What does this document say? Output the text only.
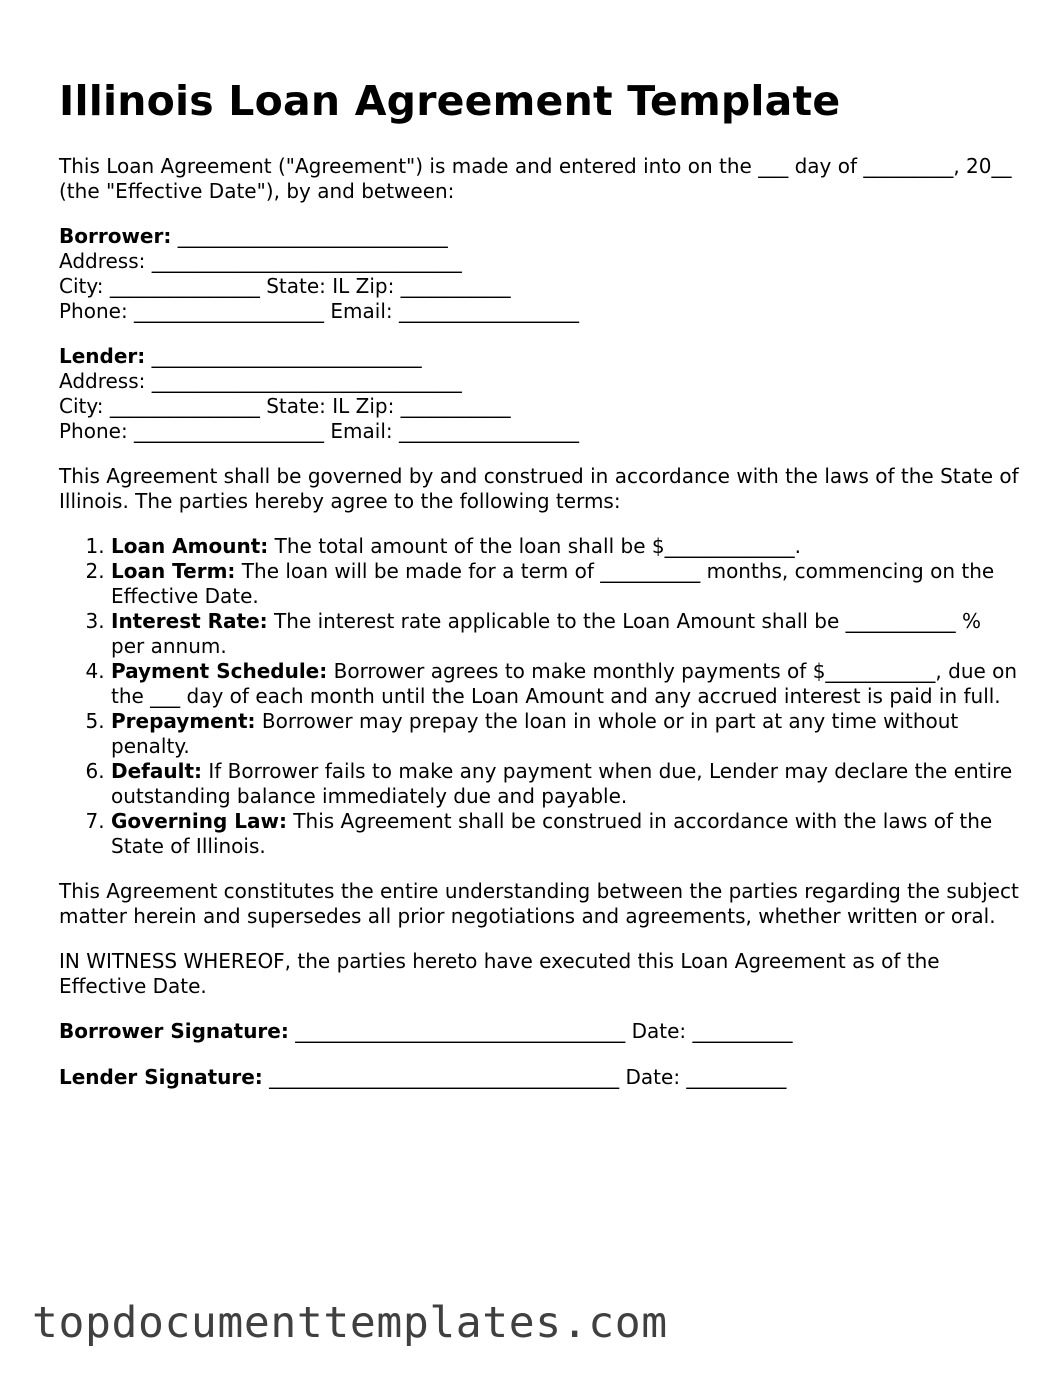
Illinois Loan Agreement Template

This Loan Agreement ("Agreement") is made and entered into on the ___ day of _________, 20__ (the "Effective Date"), by and between:

Borrower: ___________________________
Address: _______________________________
City: _______________ State: IL Zip: ___________
Phone: ___________________ Email: __________________
Lender: ___________________________
Address: _______________________________
City: _______________ State: IL Zip: ___________
Phone: ___________________ Email: __________________

This Agreement shall be governed by and construed in accordance with the laws of the State of Illinois. The parties hereby agree to the following terms:

1. Loan Amount: The total amount of the loan shall be $_____________.
2. Loan Term: The loan will be made for a term of __________ months, commencing on the Effective Date.
3. Interest Rate: The interest rate applicable to the Loan Amount shall be ___________ % per annum.
4. Payment Schedule: Borrower agrees to make monthly payments of $___________, due on the ___ day of each month until the Loan Amount and any accrued interest is paid in full.
5. Prepayment: Borrower may prepay the loan in whole or in part at any time without penalty.
6. Default: If Borrower fails to make any payment when due, Lender may declare the entire outstanding balance immediately due and payable.
7. Governing Law: This Agreement shall be construed in accordance with the laws of the State of Illinois.

This Agreement constitutes the entire understanding between the parties regarding the subject matter herein and supersedes all prior negotiations and agreements, whether written or oral.

IN WITNESS WHEREOF, the parties hereto have executed this Loan Agreement as of the Effective Date.

Borrower Signature: _________________________________ Date: __________
Lender Signature: ___________________________________ Date: __________
topdocumenttemplates.com
